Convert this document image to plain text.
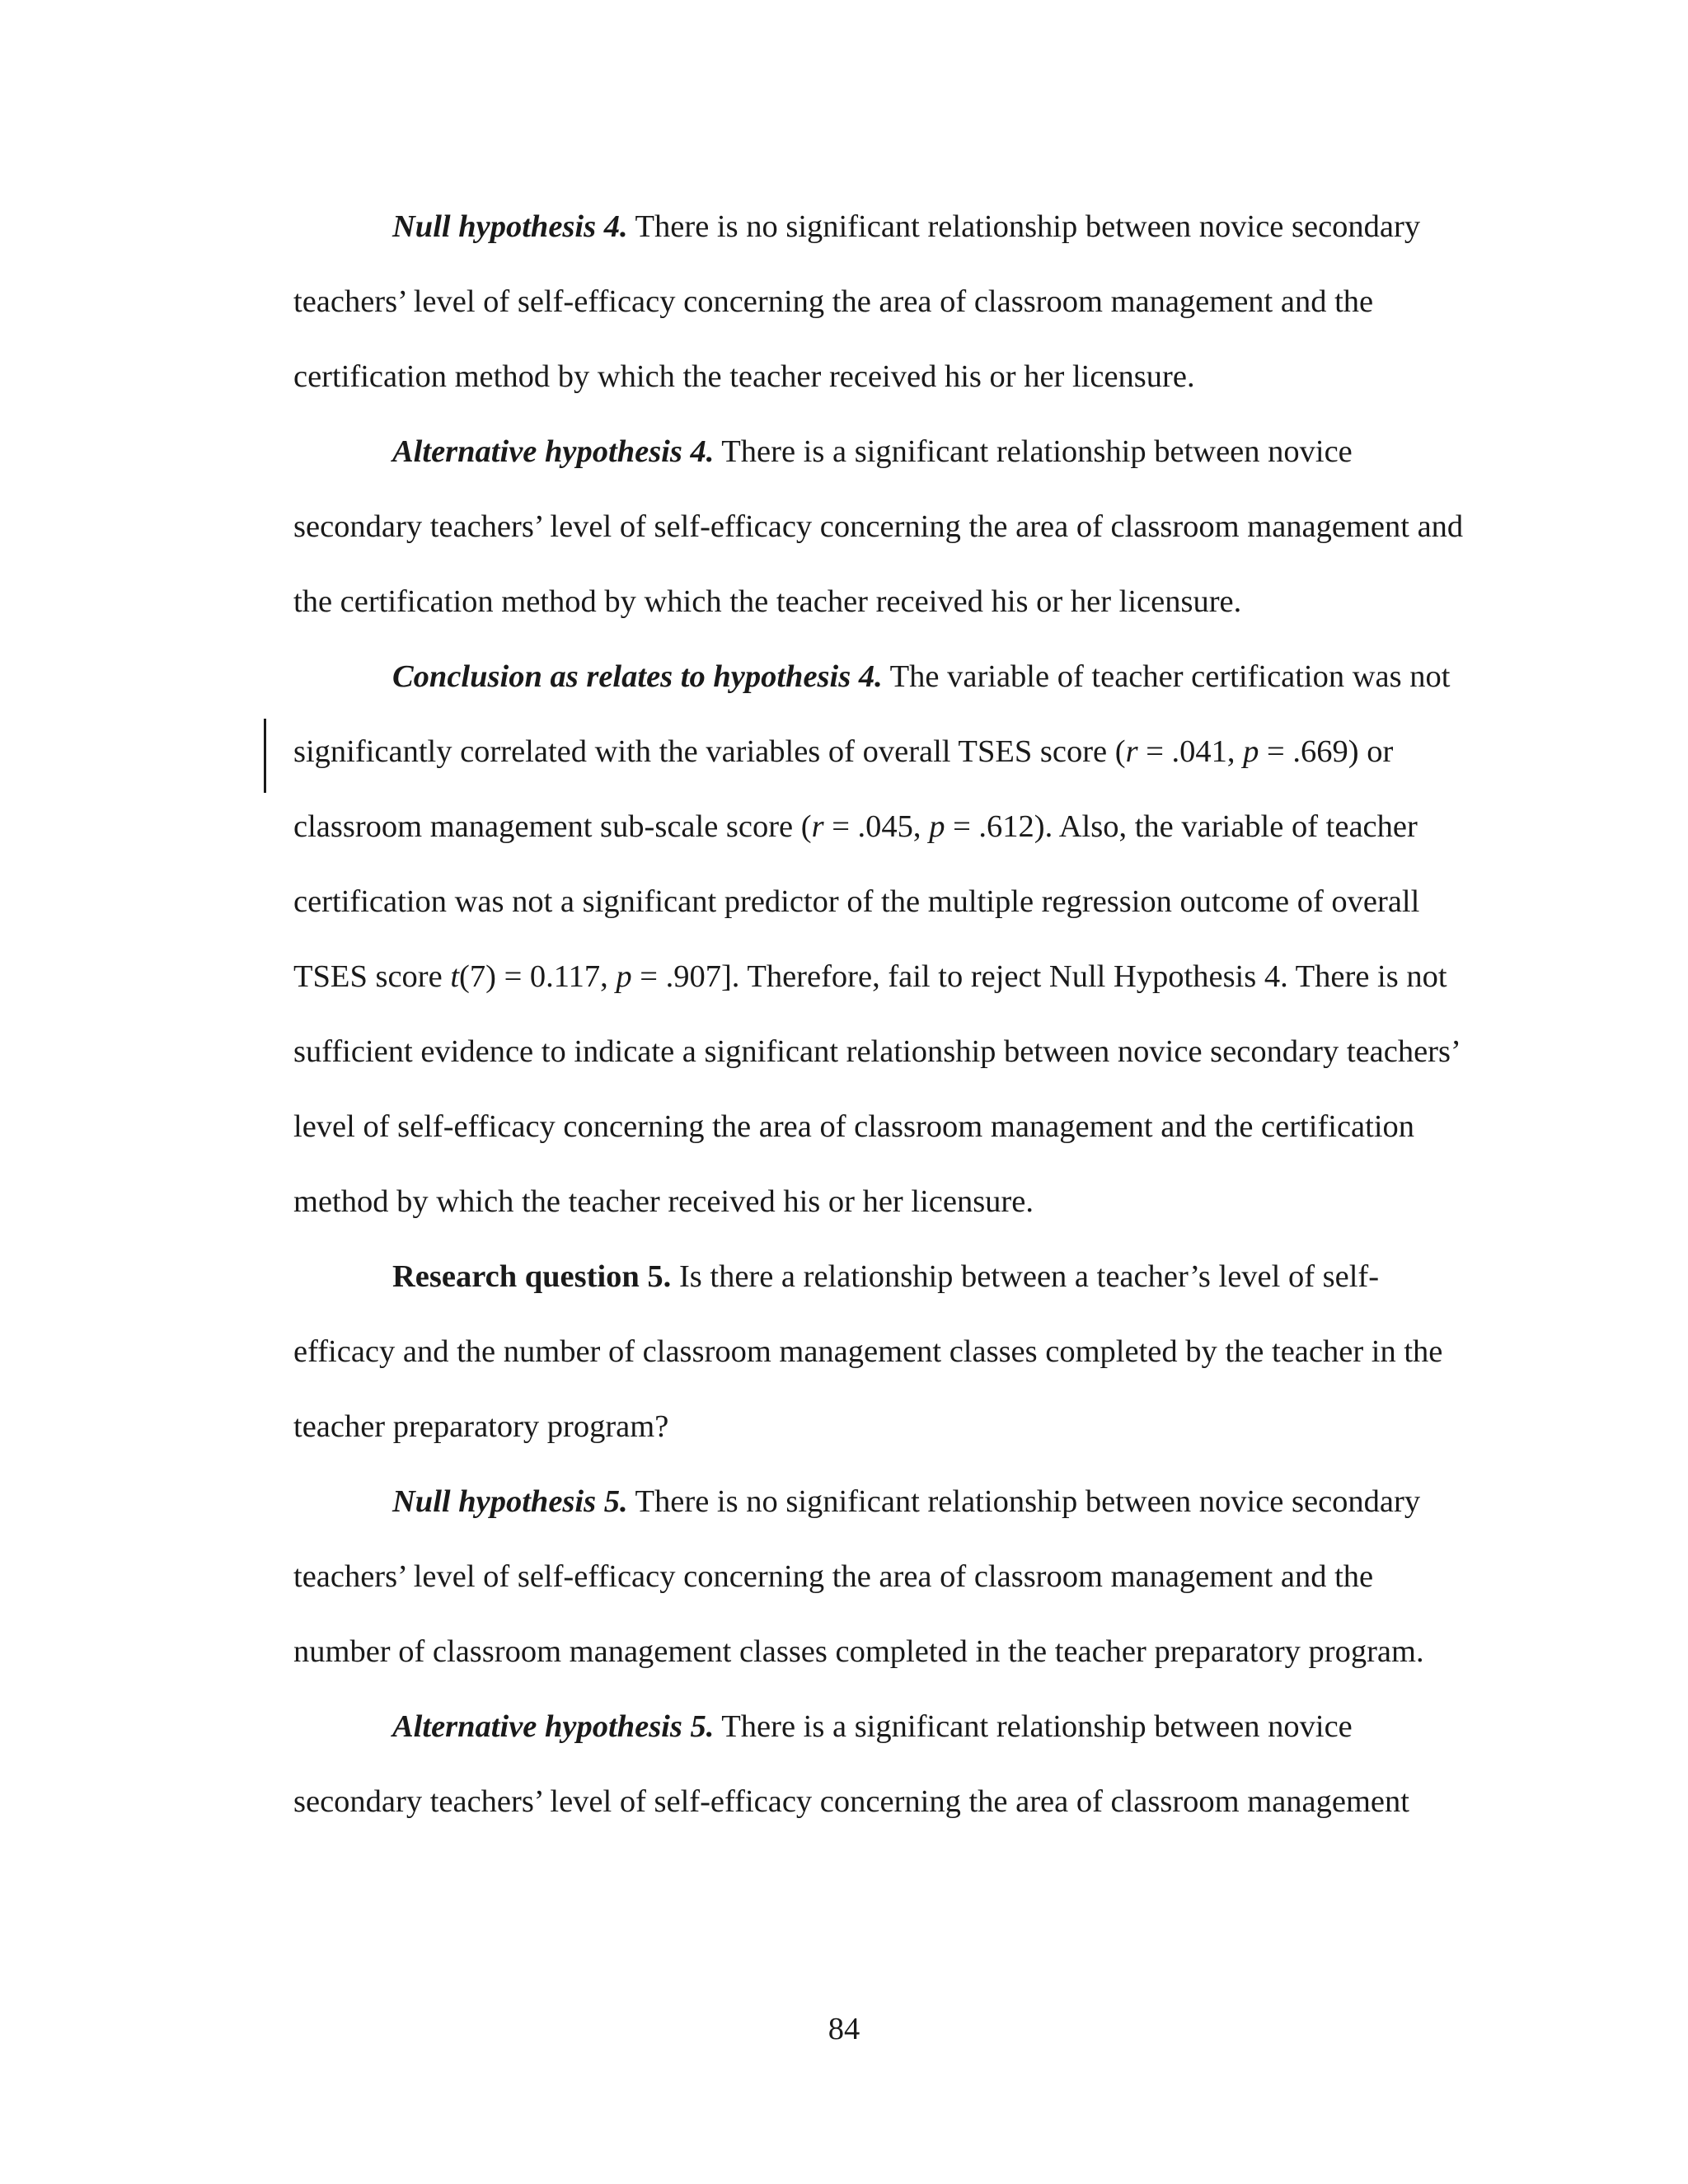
Null hypothesis 4. There is no significant relationship between novice secondary teachers’ level of self-efficacy concerning the area of classroom management and the certification method by which the teacher received his or her licensure.

Alternative hypothesis 4. There is a significant relationship between novice secondary teachers’ level of self-efficacy concerning the area of classroom management and the certification method by which the teacher received his or her licensure.

Conclusion as relates to hypothesis 4. The variable of teacher certification was not significantly correlated with the variables of overall TSES score (r = .041, p = .669) or classroom management sub-scale score (r = .045, p = .612). Also, the variable of teacher certification was not a significant predictor of the multiple regression outcome of overall TSES score t(7) = 0.117, p = .907]. Therefore, fail to reject Null Hypothesis 4. There is not sufficient evidence to indicate a significant relationship between novice secondary teachers’ level of self-efficacy concerning the area of classroom management and the certification method by which the teacher received his or her licensure.

Research question 5. Is there a relationship between a teacher’s level of self-efficacy and the number of classroom management classes completed by the teacher in the teacher preparatory program?

Null hypothesis 5. There is no significant relationship between novice secondary teachers’ level of self-efficacy concerning the area of classroom management and the number of classroom management classes completed in the teacher preparatory program.

Alternative hypothesis 5. There is a significant relationship between novice secondary teachers’ level of self-efficacy concerning the area of classroom management

84
